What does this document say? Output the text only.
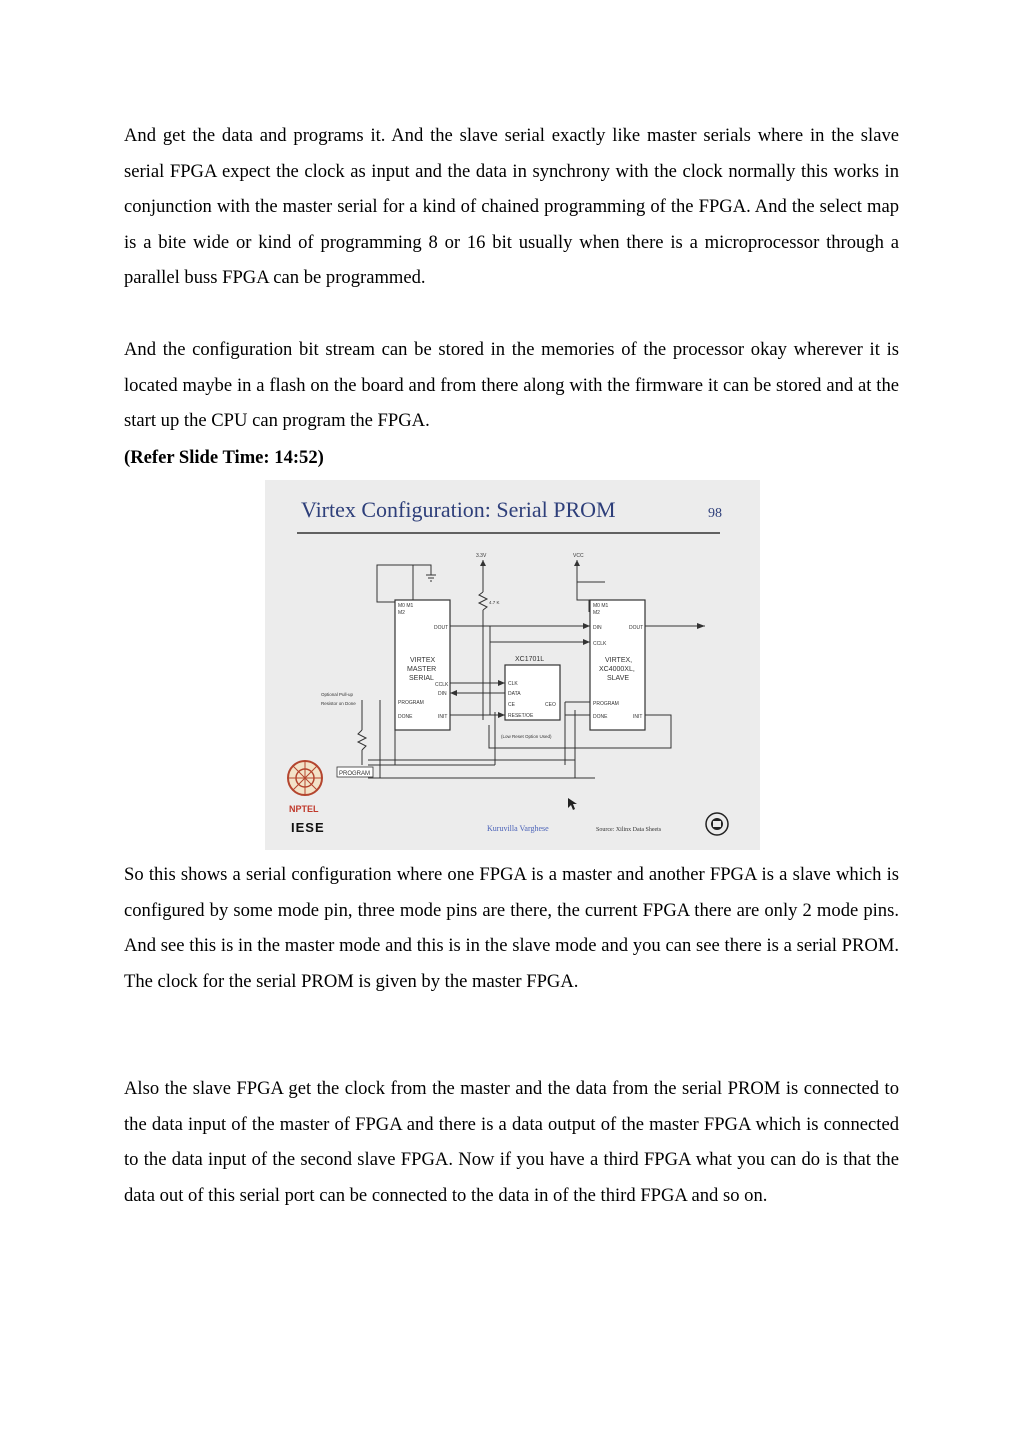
And get the data and programs it. And the slave serial exactly like master serials where in the slave serial FPGA expect the clock as input and the data in synchrony with the clock normally this works in conjunction with the master serial for a kind of chained programming of the FPGA. And the select map is a bite wide or kind of programming 8 or 16 bit usually when there is a microprocessor through a parallel buss FPGA can be programmed.

And the configuration bit stream can be stored in the memories of the processor okay wherever it is located maybe in a flash on the board and from there along with the firmware it can be stored and at the start up the CPU can program the FPGA.

(Refer Slide Time: 14:52)

Virtex Configuration: Serial PROM	98
M0 M1
M2
DOUT
VIRTEX
MASTER
SERIAL
CCLK
DIN
PROGRAM
DONE	INIT
XC1701L
CLK
DATA
CE	CEO
RESET/OE
(Low Reset Option Used)
M0 M1
M2
DIN	DOUT
CCLK
VIRTEX,
XC4000XL,
SLAVE
PROGRAM
DONE	INIT
3.3V	VCC
4.7 K
Optional Pull-up
Resistor on Done
PROGRAM
NPTEL
IESE	Kuruvilla Varghese	Source: Xilinx Data Sheets

So this shows a serial configuration where one FPGA is a master and another FPGA is a slave which is configured by some mode pin, three mode pins are there, the current FPGA there are only 2 mode pins. And see this is in the master mode and this is in the slave mode and you can see there is a serial PROM. The clock for the serial PROM is given by the master FPGA.

Also the slave FPGA get the clock from the master and the data from the serial PROM is connected to the data input of the master of FPGA and there is a data output of the master FPGA which is connected to the data input of the second slave FPGA. Now if you have a third FPGA what you can do is that the data out of this serial port can be connected to the data in of the third FPGA and so on.
